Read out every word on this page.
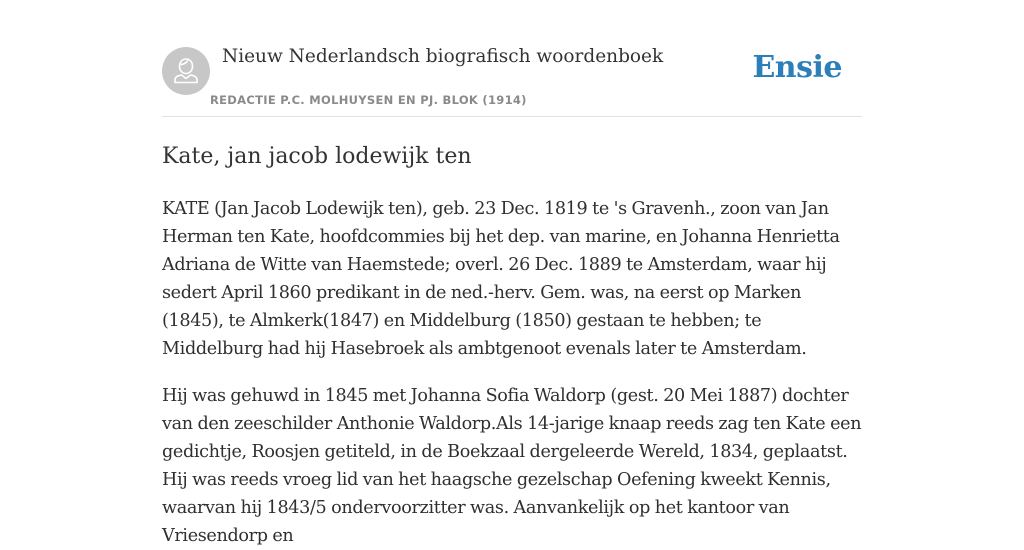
Nieuw Nederlandsch biografisch woordenboek
REDACTIE P.C. MOLHUYSEN EN PJ. BLOK (1914)
Ensie
Kate, jan jacob lodewijk ten

KATE (Jan Jacob Lodewijk ten), geb. 23 Dec. 1819 te 's Gravenh., zoon van Jan Herman ten Kate, hoofdcommies bij het dep. van marine, en Johanna Henrietta Adriana de Witte van Haemstede; overl. 26 Dec. 1889 te Amsterdam, waar hij sedert April 1860 predikant in de ned.-herv. Gem. was, na eerst op Marken (1845), te Almkerk(1847) en Middelburg (1850) gestaan te hebben; te Middelburg had hij Hasebroek als ambtgenoot evenals later te Amsterdam.

Hij was gehuwd in 1845 met Johanna Sofia Waldorp (gest. 20 Mei 1887) dochter van den zeeschilder Anthonie Waldorp.Als 14-jarige knaap reeds zag ten Kate een gedichtje, Roosjen getiteld, in de Boekzaal dergeleerde Wereld, 1834, geplaatst. Hij was reeds vroeg lid van het haagsche gezelschap Oefening kweekt Kennis, waarvan hij 1843/5 ondervoorzitter was. Aanvankelijk op het kantoor van Vriesendorp en
